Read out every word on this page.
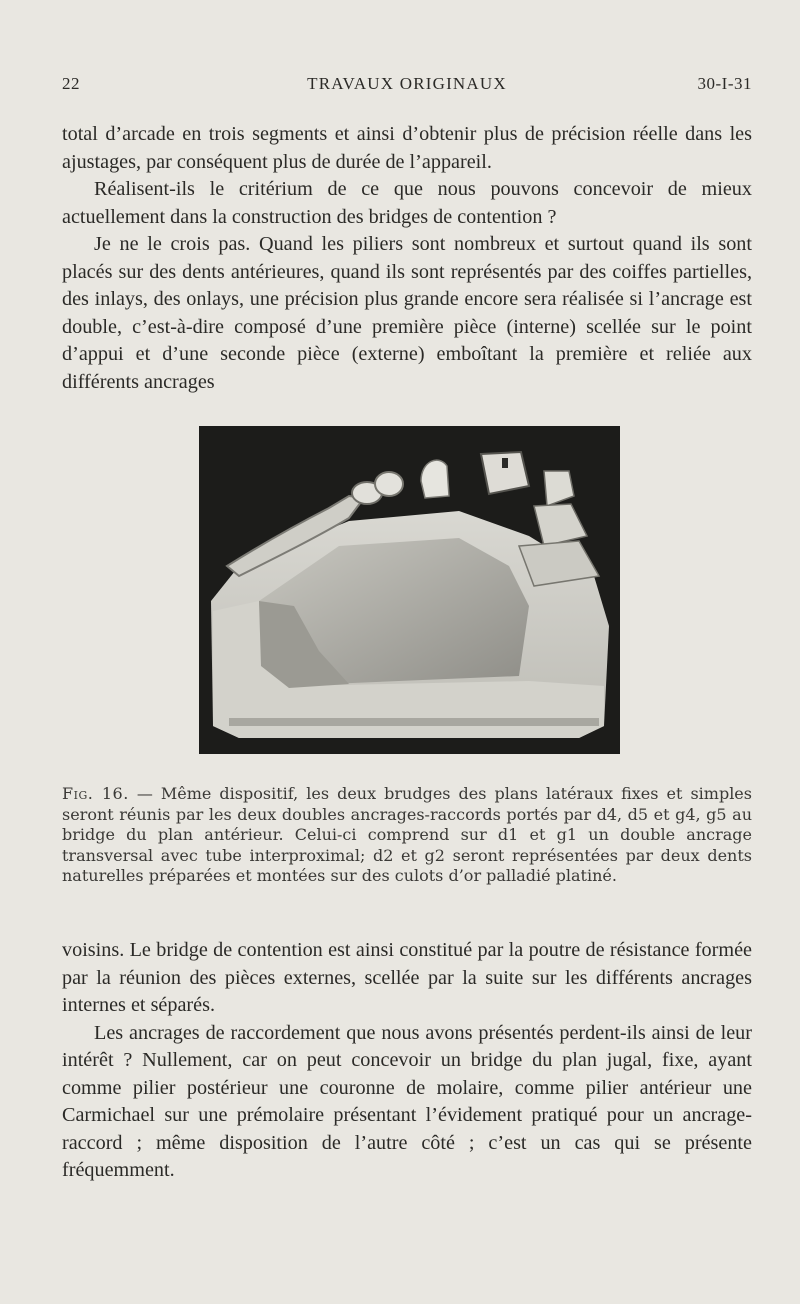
22	TRAVAUX ORIGINAUX	30-I-31

total d’arcade en trois segments et ainsi d’obtenir plus de précision réelle dans les ajustages, par conséquent plus de durée de l’appareil.

Réalisent-ils le critérium de ce que nous pouvons concevoir de mieux actuellement dans la construction des bridges de contention ?

Je ne le crois pas. Quand les piliers sont nombreux et surtout quand ils sont placés sur des dents antérieures, quand ils sont représentés par des coiffes partielles, des inlays, des onlays, une précision plus grande encore sera réalisée si l’ancrage est double, c’est-à-dire composé d’une première pièce (interne) scellée sur le point d’appui et d’une seconde pièce (externe) emboîtant la première et reliée aux différents ancrages

Fig. 16. — Même dispositif, les deux brudges des plans latéraux fixes et simples seront réunis par les deux doubles ancrages-raccords portés par d4, d5 et g4, g5 au bridge du plan antérieur. Celui-ci comprend sur d1 et g1 un double ancrage transversal avec tube interproximal; d2 et g2 seront représentées par deux dents naturelles préparées et montées sur des culots d’or palladié platiné.

voisins. Le bridge de contention est ainsi constitué par la poutre de résistance formée par la réunion des pièces externes, scellée par la suite sur les différents ancrages internes et séparés.

Les ancrages de raccordement que nous avons présentés perdent-ils ainsi de leur intérêt ? Nullement, car on peut concevoir un bridge du plan jugal, fixe, ayant comme pilier postérieur une couronne de molaire, comme pilier antérieur une Carmichael sur une prémolaire présentant l’évidement pratiqué pour un ancrage-raccord ; même disposition de l’autre côté ; c’est un cas qui se présente fréquemment.
